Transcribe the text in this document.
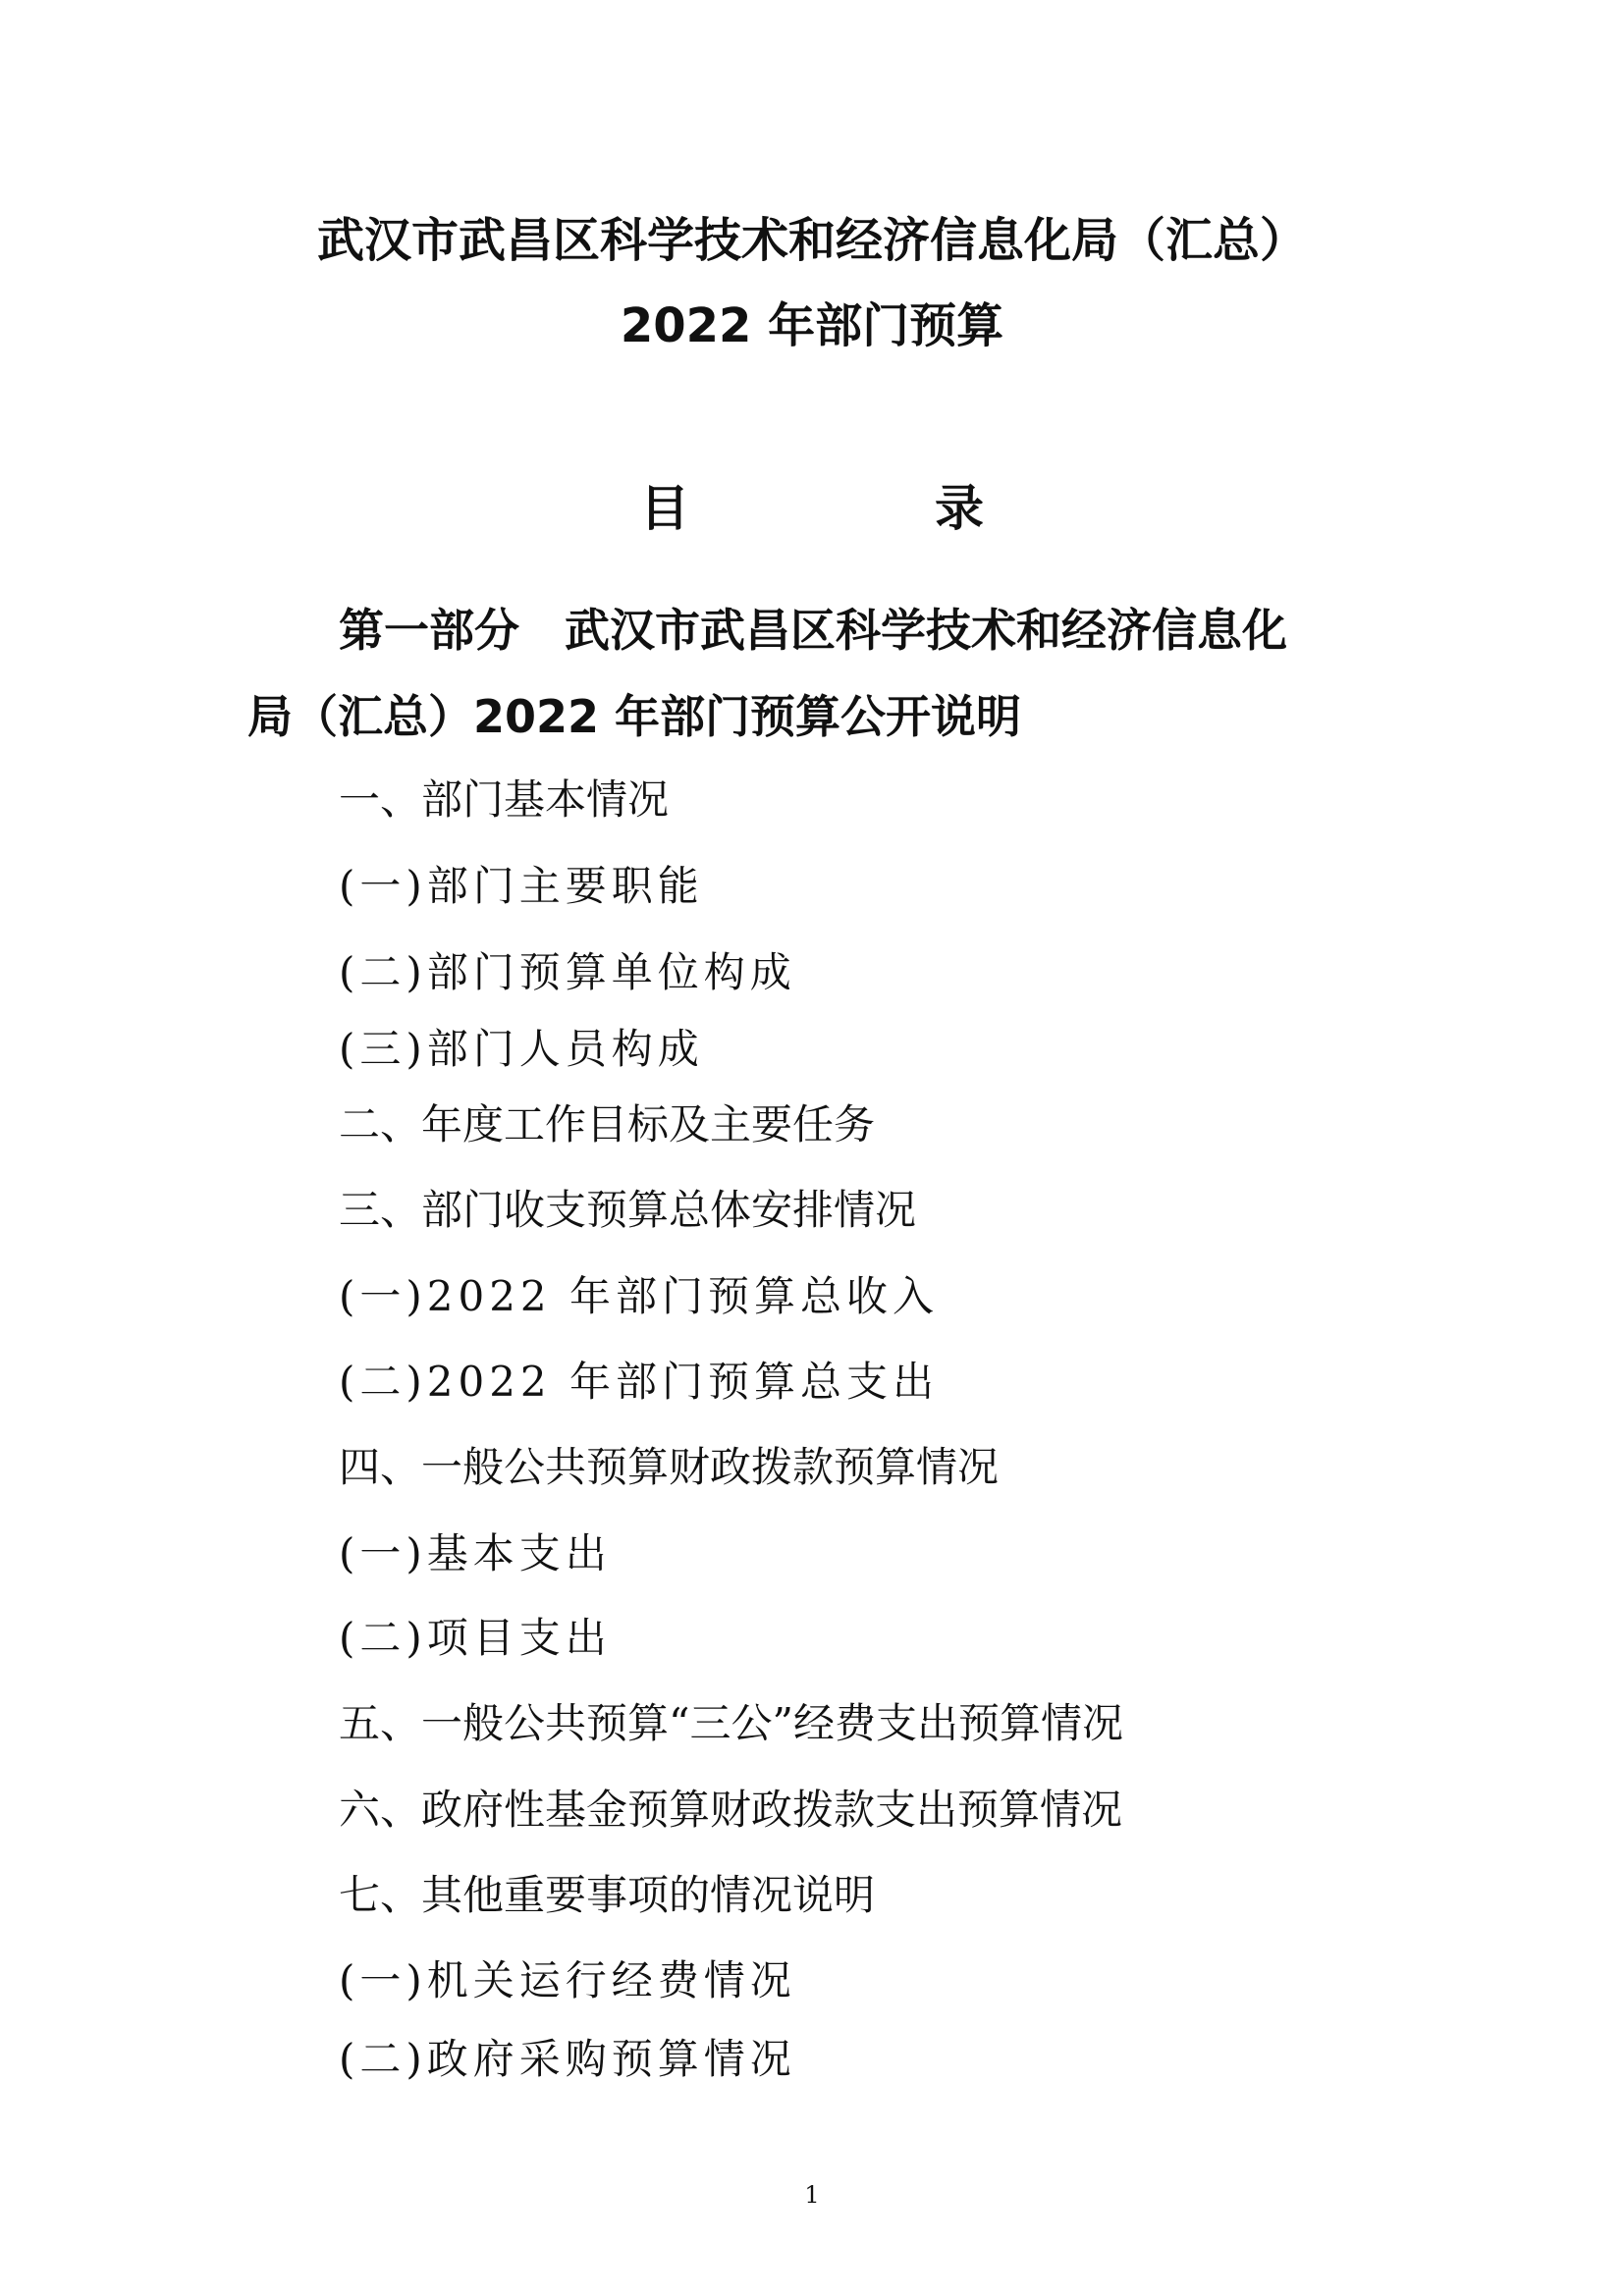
武汉市武昌区科学技术和经济信息化局（汇总）
2022 年部门预算
目　录
第一部分　武汉市武昌区科学技术和经济信息化
局（汇总）2022 年部门预算公开说明
一、部门基本情况
(一)部门主要职能
(二)部门预算单位构成
(三)部门人员构成
二、年度工作目标及主要任务
三、部门收支预算总体安排情况
(一)2022 年部门预算总收入
(二)2022 年部门预算总支出
四、一般公共预算财政拨款预算情况
(一)基本支出
(二)项目支出
五、一般公共预算“三公”经费支出预算情况
六、政府性基金预算财政拨款支出预算情况
七、其他重要事项的情况说明
(一)机关运行经费情况
(二)政府采购预算情况
1
